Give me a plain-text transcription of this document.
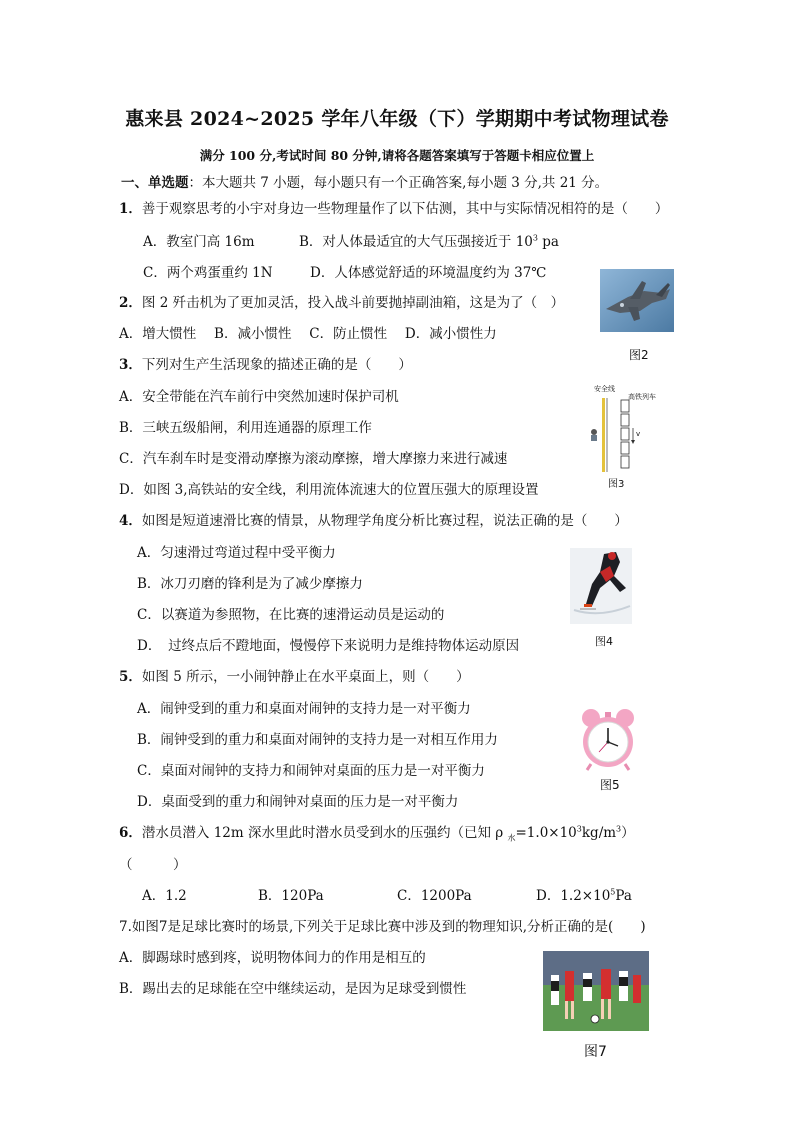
惠来县 2024~2025 学年八年级（下）学期期中考试物理试卷
满分 100 分,考试时间 80 分钟,请将各题答案填写于答题卡相应位置上
一、单选题：本大题共 7 小题，每小题只有一个正确答案,每小题 3 分,共 21 分。
1．善于观察思考的小宇对身边一些物理量作了以下估测，其中与实际情况相符的是（　　）
A．教室门高 16m	B．对人体最适宜的大气压强接近于 $10^3$ pa
C．两个鸡蛋重约 1N	D．人体感觉舒适的环境温度约为 37℃
2．图 2 歼击机为了更加灵活，投入战斗前要抛掉副油箱，这是为了（　）
A．增大惯性　 B．减小惯性　 C．防止惯性　 D．减小惯性力
图2
3．下列对生产生活现象的描述正确的是（　　）
A．安全带能在汽车前行中突然加速时保护司机
B．三峡五级船闸，利用连通器的原理工作
C．汽车刹车时是变滑动摩擦为滚动摩擦，增大摩擦力来进行减速
D．如图 3,高铁站的安全线，利用流体流速大的位置压强大的原理设置
安全线
高铁列车
v
图3
4．如图是短道速滑比赛的情景，从物理学角度分析比赛过程，说法正确的是（　　）
A．匀速滑过弯道过程中受平衡力
B．冰刀刃磨的锋利是为了减少摩擦力
C．以赛道为参照物，在比赛的速滑运动员是运动的
D．　过终点后不蹬地面，慢慢停下来说明力是维持物体运动原因	图4
5．如图 5 所示，一小闹钟静止在水平桌面上，则（　　）
A．闹钟受到的重力和桌面对闹钟的支持力是一对平衡力
B．闹钟受到的重力和桌面对闹钟的支持力是一对相互作用力
C．桌面对闹钟的支持力和闹钟对桌面的压力是一对平衡力
D．桌面受到的重力和闹钟对桌面的压力是一对平衡力
图5
6．潜水员潜入 12m 深水里此时潜水员受到水的压强约（已知 ρ $_水=1.0\times 10^3kg/m^3$）
（　　　）
A．1.2	B．120Pa	C．1200Pa	D．$1.2\times 10^5Pa$
7.如图7是足球比赛时的场景,下列关于足球比赛中涉及到的物理知识,分析正确的是(　　)
A．脚踢球时感到疼，说明物体间力的作用是相互的
B．踢出去的足球能在空中继续运动，是因为足球受到惯性
图7
